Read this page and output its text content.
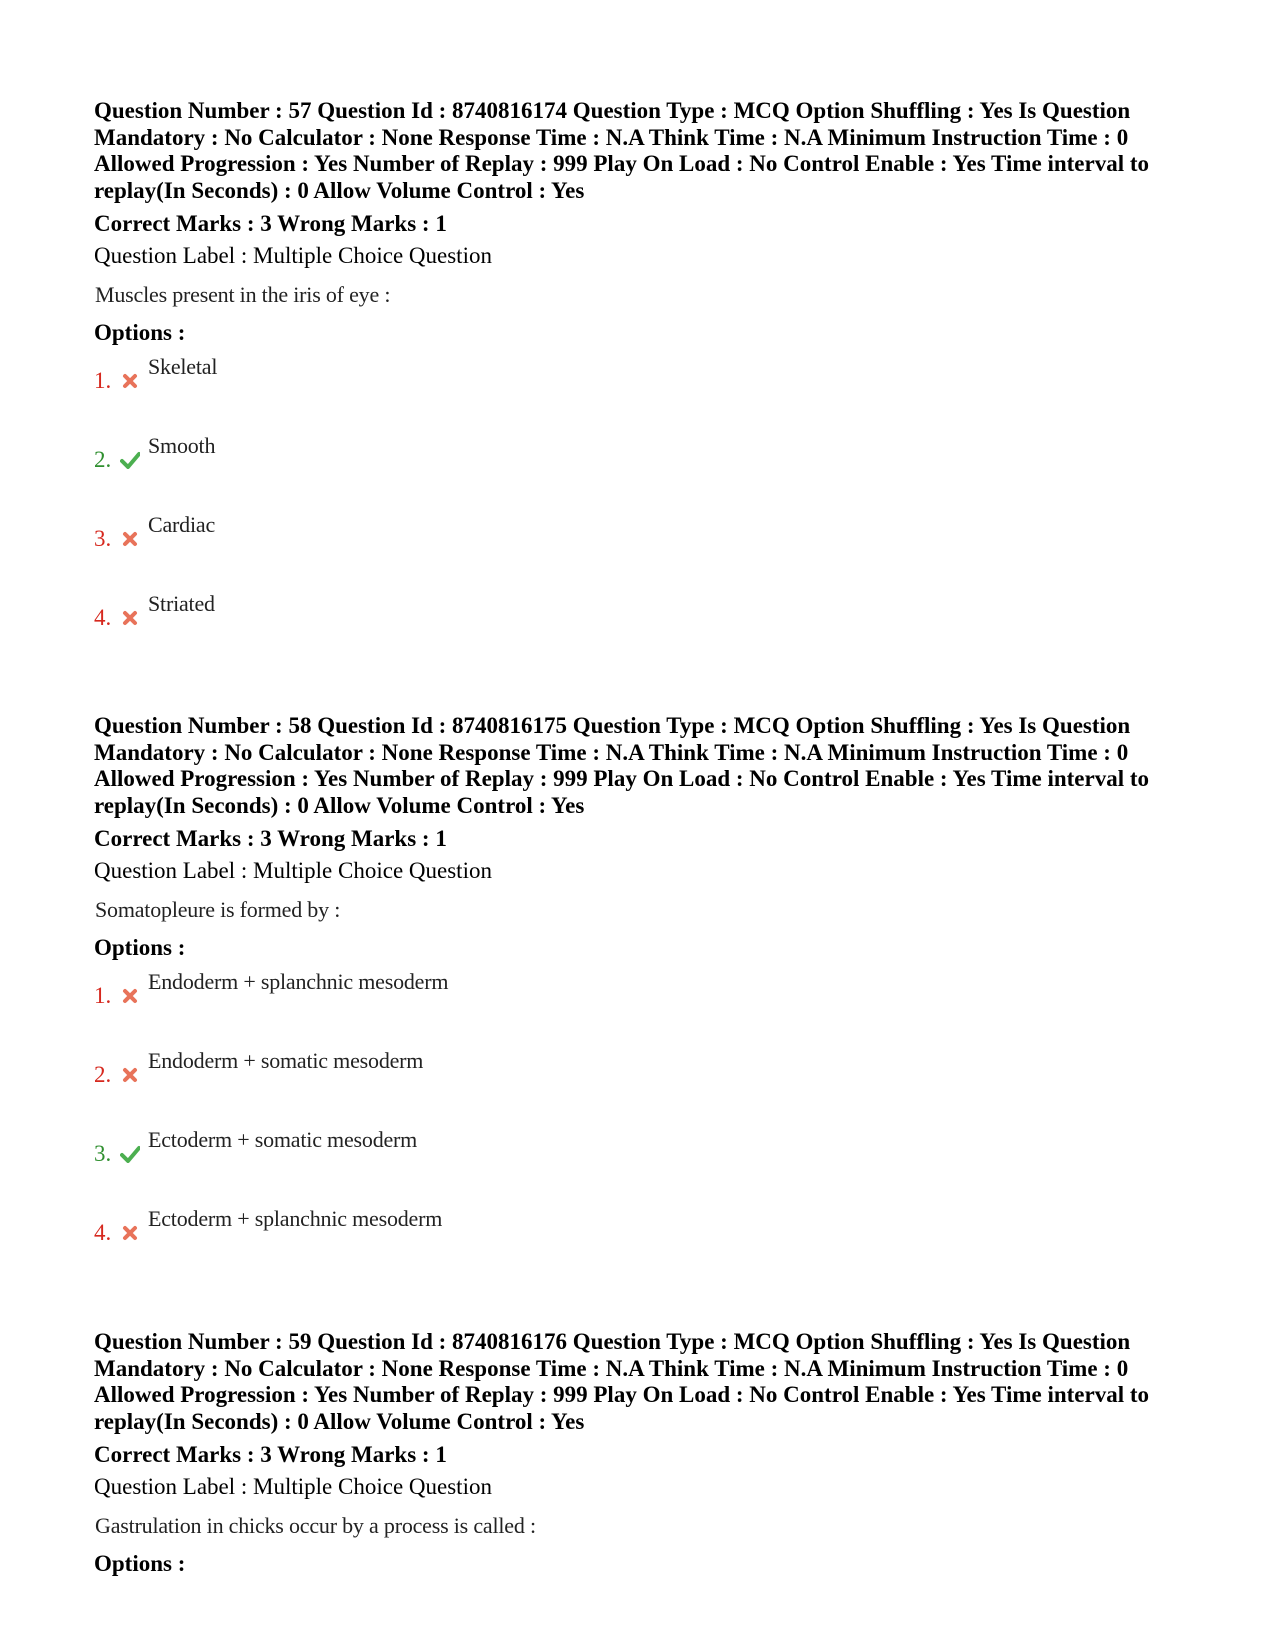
Question Number : 57 Question Id : 8740816174 Question Type : MCQ Option Shuffling : Yes Is Question Mandatory : No Calculator : None Response Time : N.A Think Time : N.A Minimum Instruction Time : 0 Allowed Progression : Yes Number of Replay : 999 Play On Load : No Control Enable : Yes Time interval to replay(In Seconds) : 0 Allow Volume Control : Yes

Correct Marks : 3 Wrong Marks : 1

Question Label : Multiple Choice Question

Muscles present in the iris of eye :

Options :

1.
Skeletal
2.
Smooth
3.
Cardiac
4.
Striated

Question Number : 58 Question Id : 8740816175 Question Type : MCQ Option Shuffling : Yes Is Question Mandatory : No Calculator : None Response Time : N.A Think Time : N.A Minimum Instruction Time : 0 Allowed Progression : Yes Number of Replay : 999 Play On Load : No Control Enable : Yes Time interval to replay(In Seconds) : 0 Allow Volume Control : Yes

Correct Marks : 3 Wrong Marks : 1

Question Label : Multiple Choice Question

Somatopleure is formed by :

Options :

1.
Endoderm + splanchnic mesoderm
2.
Endoderm + somatic mesoderm
3.
Ectoderm + somatic mesoderm
4.
Ectoderm + splanchnic mesoderm

Question Number : 59 Question Id : 8740816176 Question Type : MCQ Option Shuffling : Yes Is Question Mandatory : No Calculator : None Response Time : N.A Think Time : N.A Minimum Instruction Time : 0 Allowed Progression : Yes Number of Replay : 999 Play On Load : No Control Enable : Yes Time interval to replay(In Seconds) : 0 Allow Volume Control : Yes

Correct Marks : 3 Wrong Marks : 1

Question Label : Multiple Choice Question

Gastrulation in chicks occur by a process is called :

Options :
